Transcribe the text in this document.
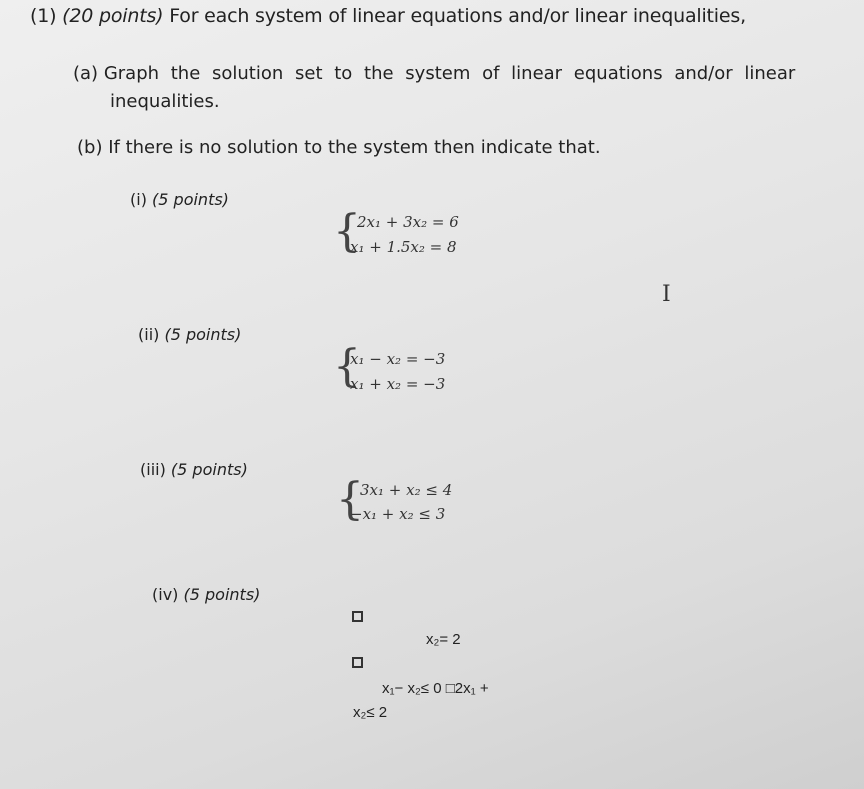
(1) (20 points) For each system of linear equations and/or linear inequalities,
(a) Graph the solution set to the system of linear equations and/or linear
inequalities.
(b) If there is no solution to the system then indicate that.
(i) (5 points)
{
2x₁ + 3x₂ = 6
x₁ + 1.5x₂ = 8
I
(ii) (5 points)
{
x₁ − x₂ = −3
x₁ + x₂ = −3
(iii) (5 points)
{
3x₁ + x₂ ≤ 4
−x₁ + x₂ ≤ 3
(iv) (5 points)
x₂= 2
x₁− x₂≤ 0 □2x₁ +
x₂≤ 2
